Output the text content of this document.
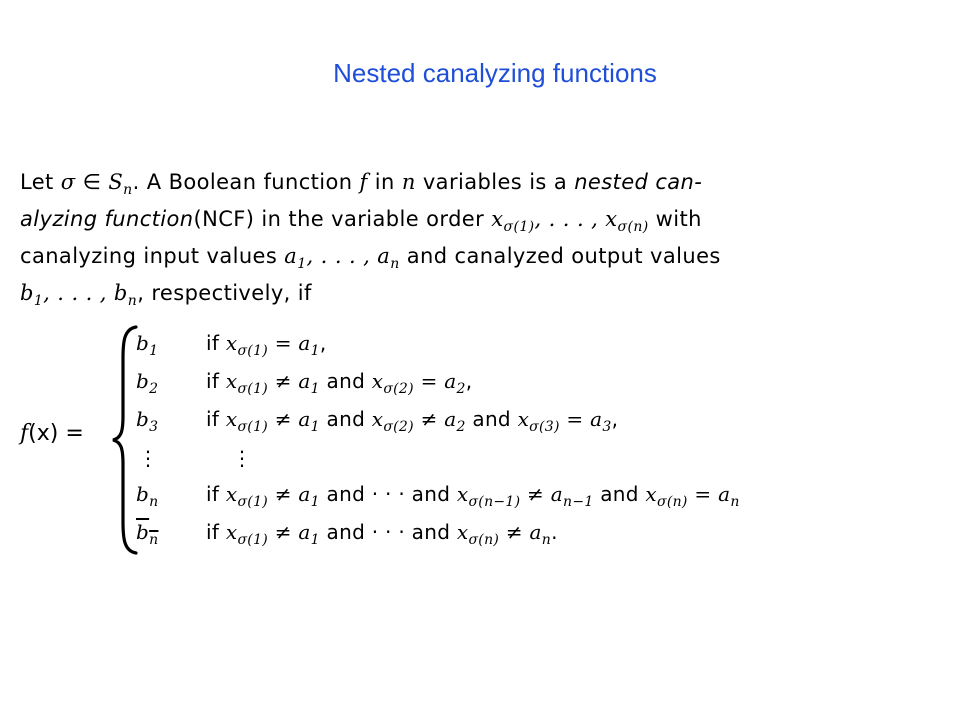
Nested canalyzing functions
Let σ ∈ $S_n$. A Boolean function f in n variables is a nested can-
alyzing function(NCF) in the variable order $x_{\sigma(1)}$, . . . , $x_{\sigma(n)}$ with
canalyzing input values $a_1$, . . . , $a_n$ and canalyzed output values
$b_1$, . . . , $b_n$, respectively, if
f(x) =
$b_1$ if $x_{\sigma(1)} = a_1$,
$b_2$ if $x_{\sigma(1)} \ne a_1$ and $x_{\sigma(2)} = a_2$,
$b_3$ if $x_{\sigma(1)} \ne a_1$ and $x_{\sigma(2)} \ne a_2$ and $x_{\sigma(3)} = a_3$,
⋮	⋮
$b_n$ if $x_{\sigma(1)} \ne a_1$ and · · · and $x_{\sigma(n-1)} \ne a_{n-1}$ and $x_{\sigma(n)} = a_n$
$b_n$ if $x_{\sigma(1)} \ne a_1$ and · · · and $x_{\sigma(n)} \ne a_n$.
